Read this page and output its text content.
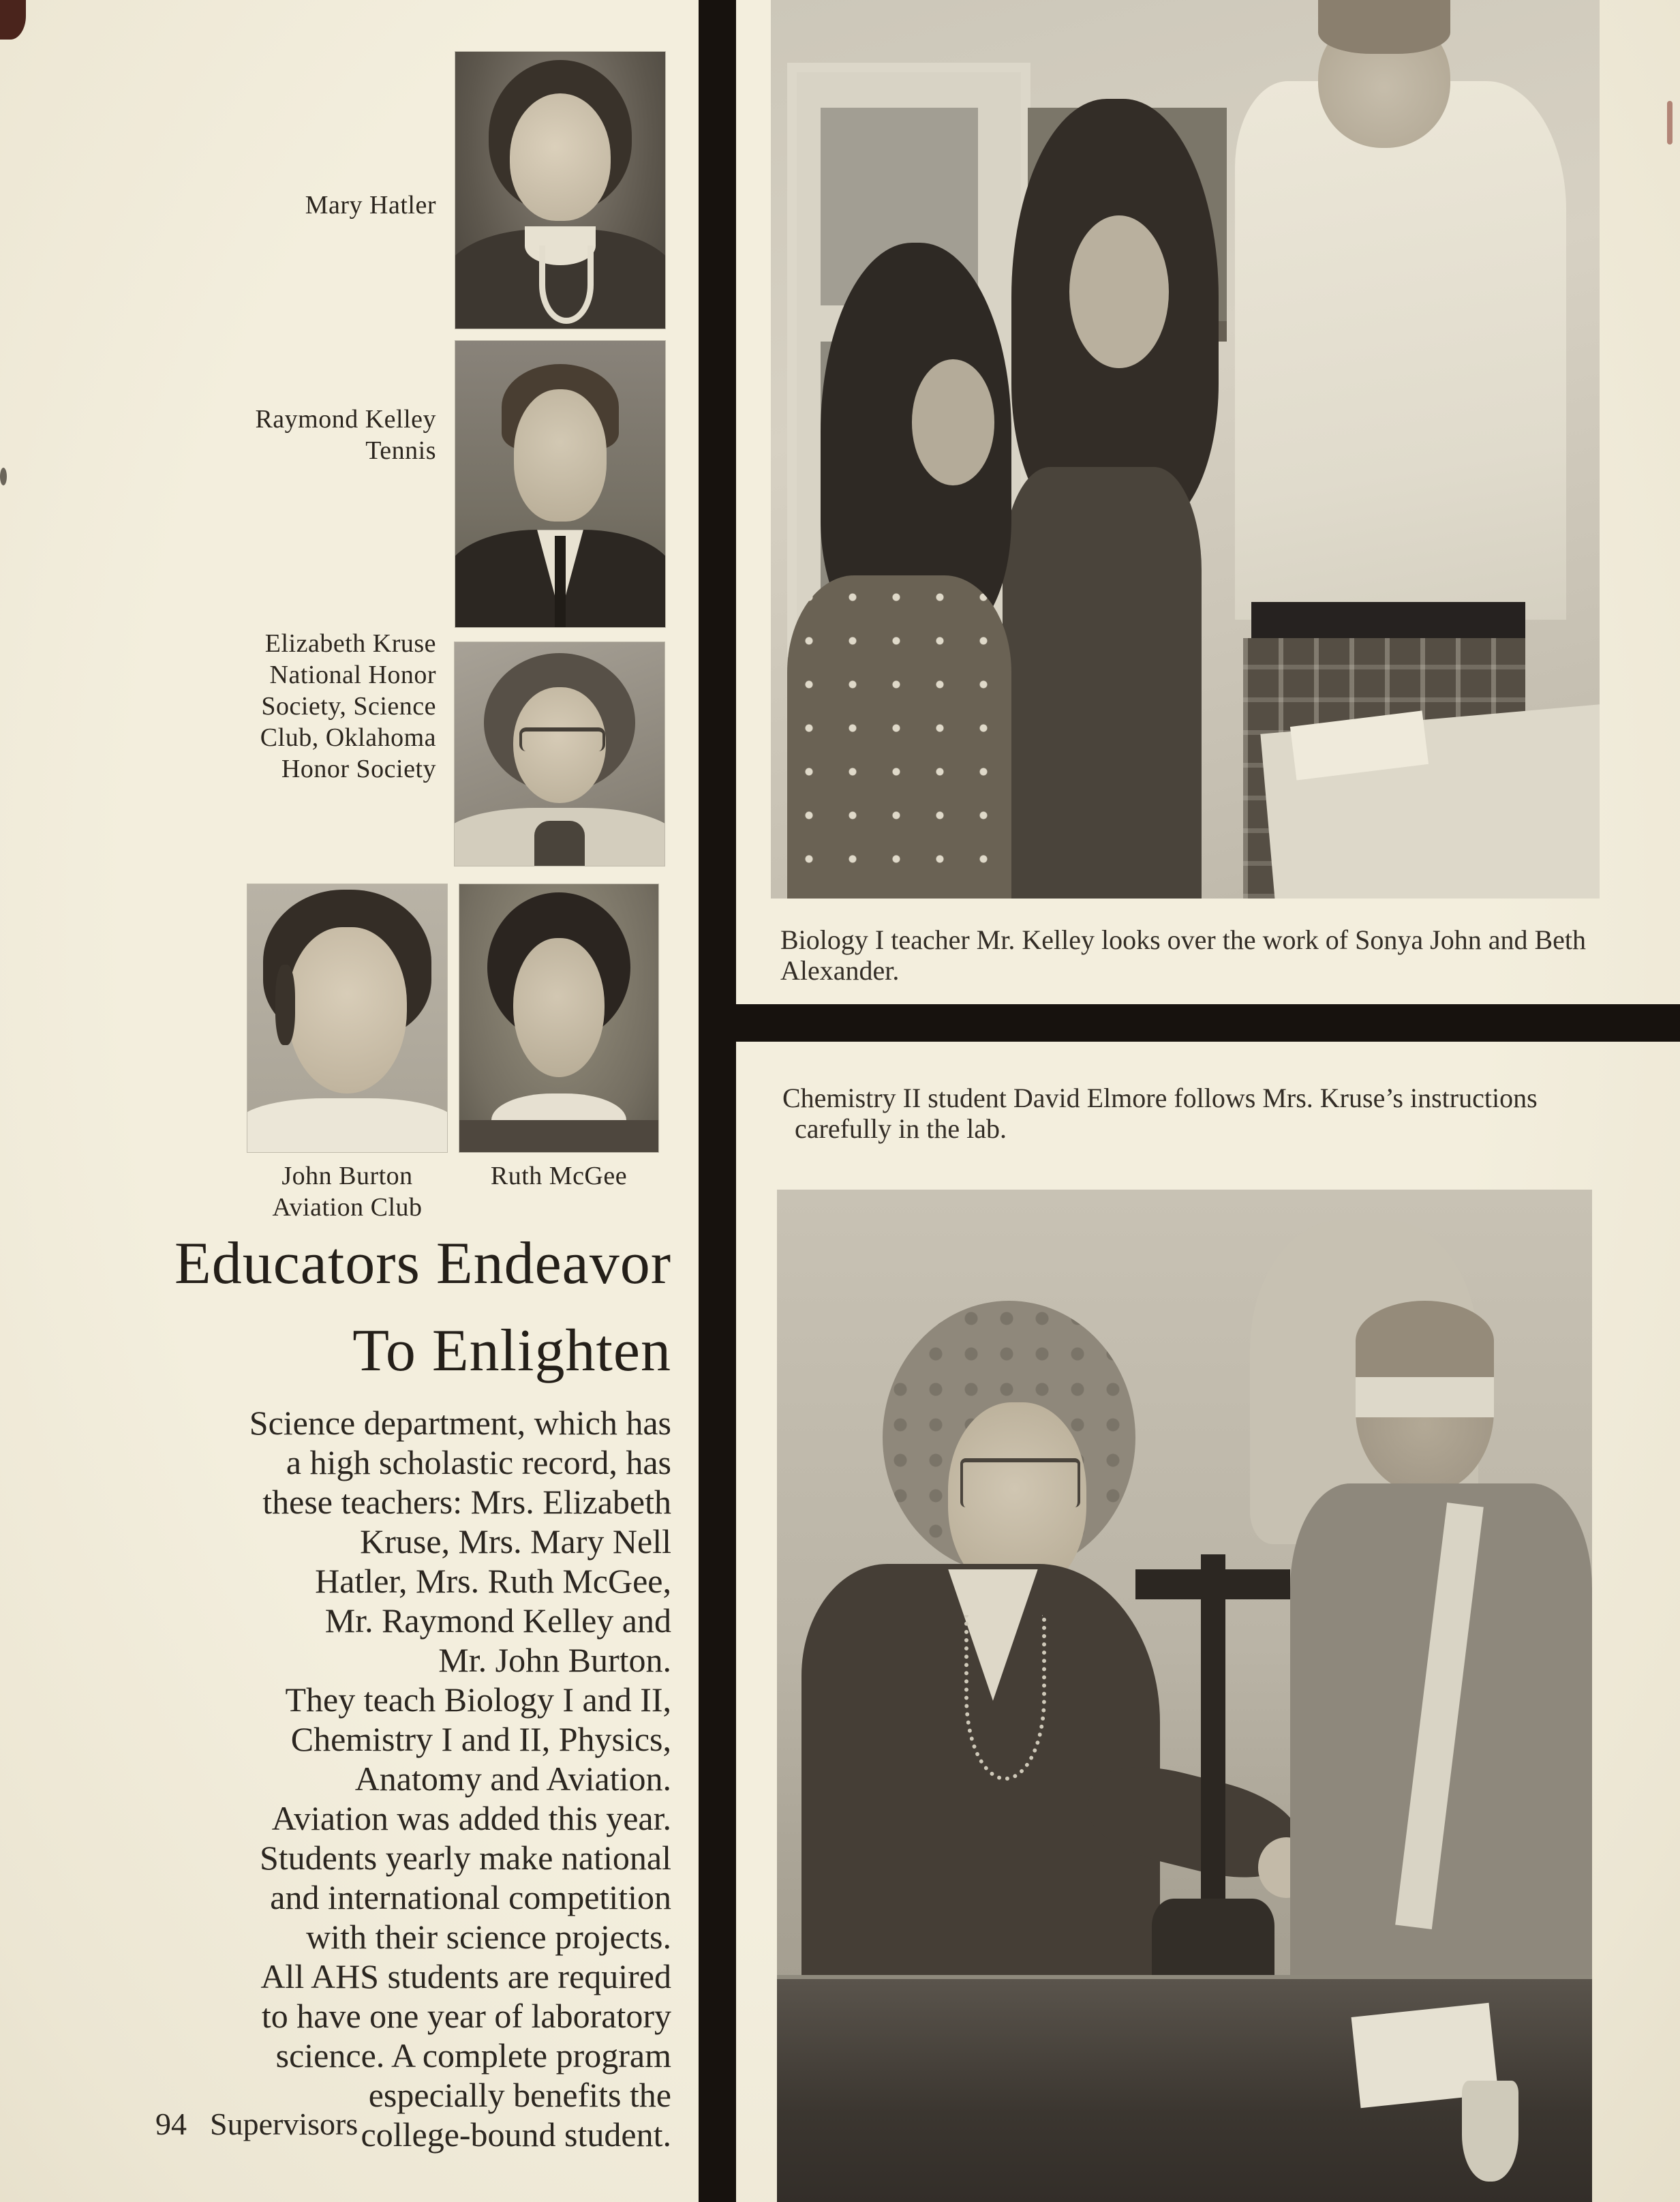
Mary Hatler
Raymond Kelley
Tennis
Elizabeth Kruse
National Honor
Society, Science
Club, Oklahoma
Honor Society
John Burton
Aviation Club
Ruth McGee
Educators Endeavor
To Enlighten
Science department, which has
a high scholastic record, has
these teachers: Mrs. Elizabeth
Kruse, Mrs. Mary Nell
Hatler, Mrs. Ruth McGee,
Mr. Raymond Kelley and
Mr. John Burton.
They teach Biology I and II,
Chemistry I and II, Physics,
Anatomy and Aviation.
Aviation was added this year.
Students yearly make national
and international competition
with their science projects.
All AHS students are required
to have one year of laboratory
science. A complete program
especially benefits the
college-bound student.
94 Supervisors
Biology I teacher Mr. Kelley looks over the work of Sonya John and Beth
Alexander.
Chemistry II student David Elmore follows Mrs. Kruse’s instructions
carefully in the lab.
